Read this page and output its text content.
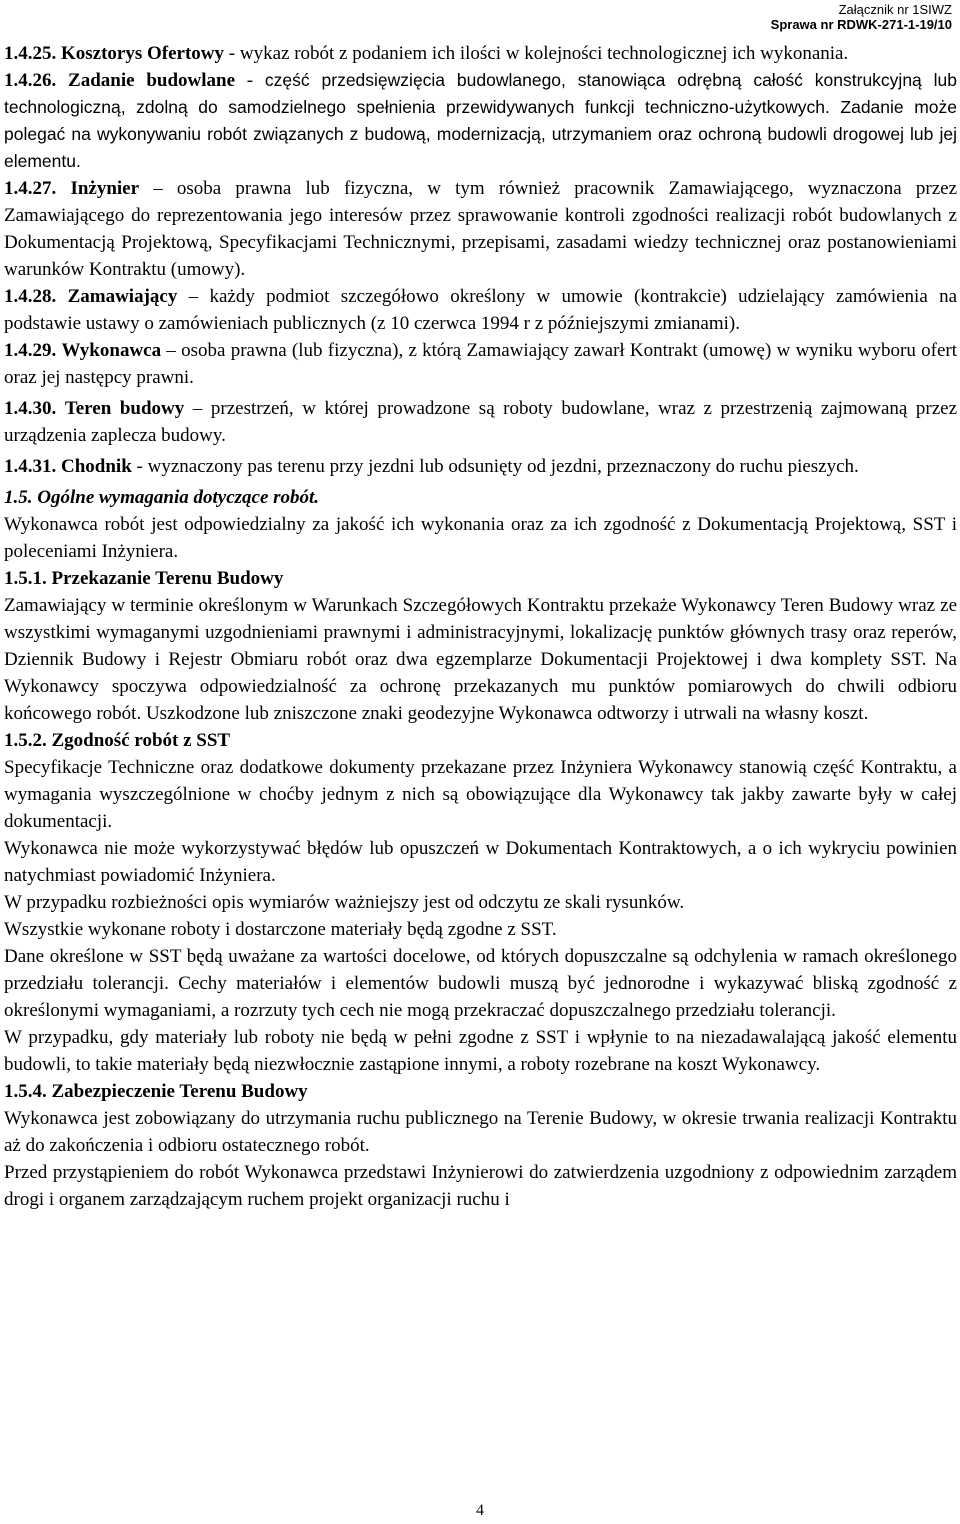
Załącznik nr 1SIWZ
Sprawa nr RDWK-271-1-19/10

1.4.25. Kosztorys Ofertowy - wykaz robót z podaniem ich ilości w kolejności technologicznej ich wykonania.

1.4.26. Zadanie budowlane - część przedsięwzięcia budowlanego, stanowiąca odrębną całość konstrukcyjną lub technologiczną, zdolną do samodzielnego spełnienia przewidywanych funkcji techniczno-użytkowych. Zadanie może polegać na wykonywaniu robót związanych z budową, modernizacją, utrzymaniem oraz ochroną budowli drogowej lub jej elementu.

1.4.27. Inżynier – osoba prawna lub fizyczna, w tym również pracownik Zamawiającego, wyznaczona przez Zamawiającego do reprezentowania jego interesów przez sprawowanie kontroli zgodności realizacji robót budowlanych z Dokumentacją Projektową, Specyfikacjami Technicznymi, przepisami, zasadami wiedzy technicznej oraz postanowieniami warunków Kontraktu (umowy).

1.4.28. Zamawiający – każdy podmiot szczegółowo określony w umowie (kontrakcie) udzielający zamówienia na podstawie ustawy o zamówieniach publicznych (z 10 czerwca 1994 r z późniejszymi zmianami).

1.4.29. Wykonawca – osoba prawna (lub fizyczna), z którą Zamawiający zawarł Kontrakt (umowę) w wyniku wyboru ofert oraz jej następcy prawni.

1.4.30. Teren budowy – przestrzeń, w której prowadzone są roboty budowlane, wraz z przestrzenią zajmowaną przez urządzenia zaplecza budowy.

1.4.31. Chodnik - wyznaczony pas terenu przy jezdni lub odsunięty od jezdni, przeznaczony do ruchu pieszych.

1.5. Ogólne wymagania dotyczące robót.

Wykonawca robót jest odpowiedzialny za jakość ich wykonania oraz za ich zgodność z Dokumentacją Projektową, SST i poleceniami Inżyniera.

1.5.1. Przekazanie Terenu Budowy

Zamawiający w terminie określonym w Warunkach Szczegółowych Kontraktu przekaże Wykonawcy Teren Budowy wraz ze wszystkimi wymaganymi uzgodnieniami prawnymi i administracyjnymi, lokalizację punktów głównych trasy oraz reperów, Dziennik Budowy i Rejestr Obmiaru robót oraz dwa egzemplarze Dokumentacji Projektowej i dwa komplety SST. Na Wykonawcy spoczywa odpowiedzialność za ochronę przekazanych mu punktów pomiarowych do chwili odbioru końcowego robót. Uszkodzone lub zniszczone znaki geodezyjne Wykonawca odtworzy i utrwali na własny koszt.

1.5.2. Zgodność robót z SST

Specyfikacje Techniczne oraz dodatkowe dokumenty przekazane przez Inżyniera Wykonawcy stanowią część Kontraktu, a wymagania wyszczególnione w choćby jednym z nich są obowiązujące dla Wykonawcy tak jakby zawarte były w całej dokumentacji.

Wykonawca nie może wykorzystywać błędów lub opuszczeń w Dokumentach Kontraktowych, a o ich wykryciu powinien natychmiast powiadomić Inżyniera.

W przypadku rozbieżności opis wymiarów ważniejszy jest od odczytu ze skali rysunków.

Wszystkie wykonane roboty i dostarczone materiały będą zgodne z SST.

Dane określone w SST będą uważane za wartości docelowe, od których dopuszczalne są odchylenia w ramach określonego przedziału tolerancji. Cechy materiałów i elementów budowli muszą być jednorodne i wykazywać bliską zgodność z określonymi wymaganiami, a rozrzuty tych cech nie mogą przekraczać dopuszczalnego przedziału tolerancji.

W przypadku, gdy materiały lub roboty nie będą w pełni zgodne z SST i wpłynie to na niezadawalającą jakość elementu budowli, to takie materiały będą niezwłocznie zastąpione innymi, a roboty rozebrane na koszt Wykonawcy.

1.5.4. Zabezpieczenie Terenu Budowy

Wykonawca jest zobowiązany do utrzymania ruchu publicznego na Terenie Budowy, w okresie trwania realizacji Kontraktu aż do zakończenia i odbioru ostatecznego robót.

Przed przystąpieniem do robót Wykonawca przedstawi Inżynierowi do zatwierdzenia uzgodniony z odpowiednim zarządem drogi i organem zarządzającym ruchem projekt organizacji ruchu i

4
